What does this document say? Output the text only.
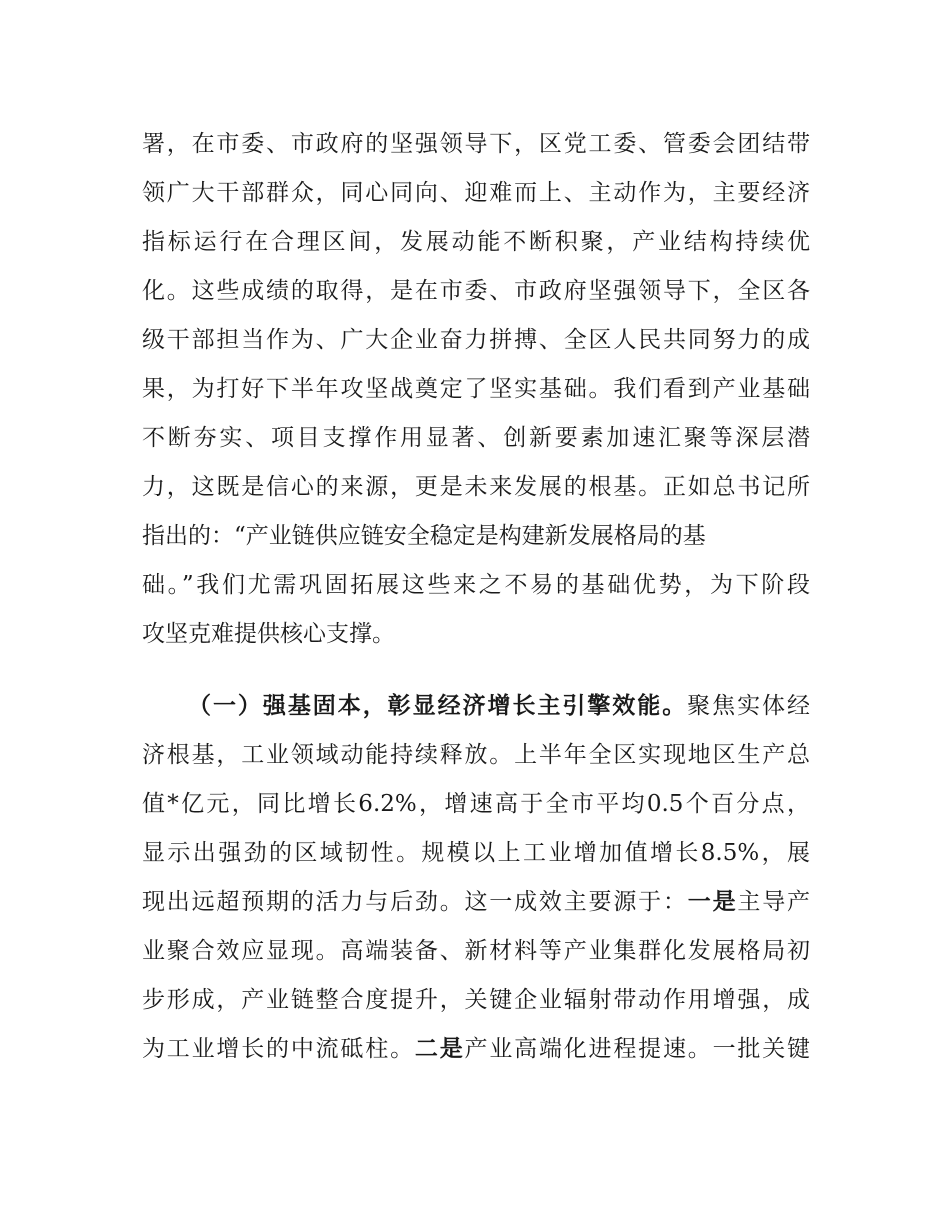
署，在市委、市政府的坚强领导下，区党工委、管委会团结带
领广大干部群众，同心同向、迎难而上、主动作为，主要经济
指标运行在合理区间，发展动能不断积聚，产业结构持续优
化。这些成绩的取得，是在市委、市政府坚强领导下，全区各
级干部担当作为、广大企业奋力拼搏、全区人民共同努力的成
果，为打好下半年攻坚战奠定了坚实基础。我们看到产业基础
不断夯实、项目支撑作用显著、创新要素加速汇聚等深层潜
力，这既是信心的来源，更是未来发展的根基。正如总书记所
指出的：“产业链供应链安全稳定是构建新发展格局的基
础。”我们尤需巩固拓展这些来之不易的基础优势，为下阶段
攻坚克难提供核心支撑。
（一）强基固本，彰显经济增长主引擎效能。聚焦实体经
济根基，工业领域动能持续释放。上半年全区实现地区生产总
值*亿元，同比增长6.2%，增速高于全市平均0.5个百分点，
显示出强劲的区域韧性。规模以上工业增加值增长8.5%，展
现出远超预期的活力与后劲。这一成效主要源于：一是主导产
业聚合效应显现。高端装备、新材料等产业集群化发展格局初
步形成，产业链整合度提升，关键企业辐射带动作用增强，成
为工业增长的中流砥柱。二是产业高端化进程提速。一批关键
